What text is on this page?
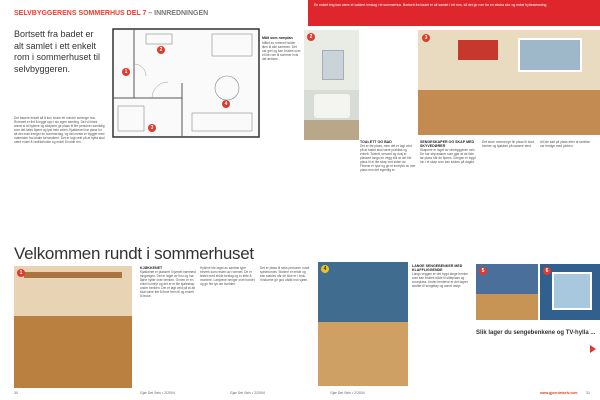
SELVBYGGERENS SOMMERHUS DEL 7 – INNREDNINGEN
En enkelt ting kan være et vakkert innslag i et sommerhus. Bortsett fra badet er alt samlet i ett rom, så det gir rom for en ekstra stor og enkel hyttestemning.
Bortsett fra badet er alt samlet i ett enkelt rom i sommerhuset til selvbyggeren.
Det basere enkelt så å kun bruke ett mindre avhenge hus. Rommet er fint å legge opp i sin egen samling. Det vil blant annet si at hyllene og skapene gir plass til fire personer samtidig som det føles åpent og lyst hele veien. Kjøkkenet har plass for alt det man trenger en sommerdag, og det meste er bygget med materialer fra lokale forhandlere. Det er lagt vekt på at hytta skal være enkel å vedlikeholde og enkel å holde ren.
1
2
3
4
Målt som romplan
Målet av rommet holder liten til alle sammen. Det var grei og kan brukes som et lite rom til sommer hvis det ønskes.
2
TOALETT OG BAD
Det er lite plass, men det er lagt vekt på at badet skal være praktisk og enkelt. Toalett, servant og dusj er plassert langs en vegg slik at det blir plass til et lite skap ved siden av. Flisene er lyse og gir et inntrykk av mer plass enn det egentlig er.
3
SENGESKAPER OG SKAP MED SKYVEDØRER
Skapene er laget av selvbyggeren selv. De har skyvedører som gjør at de ikke tar plass når de åpnes. Sengen er bygd inn i et skap som kan lukkes på dagtid.
Det store rommet gir fin plass til bord, benker og kjøkken på samme sted.
Alt ble satt på plass etter at familien var ferdige med jobben.
Velkommen rundt i sommerhuset
1
KJØKKENET
Kjøkkenet er plassert i hjørnet nærmest inngangen. Det er laget av furu og har åpne hyller over benken. Ovnen er en enkel komfyr og det er et lite kjøleskap under benken. Det er lagt vekt på at alt skal være lett å finne frem til og enkelt å bruke.
Hyllene ble laget av samme type treverk som resten av rommet. De er festet med enkle beslag og er lette å montere. Lampene henger over bordet og gir fint lys om kvelden.
Det er plass til seks personer rundt spisebordet. Stolene er enkle og kan stables når de ikke er i bruk. Vinduene gir god utsikt mot sjøen.
4	LANGE SENGEBENKER MED KLAFFLIGGENDE
Langs veggen er det bygd lange benker som kan brukes både til sitteplass og soveplass. Under benkene er det lagret skuffer til sengetøy og annet utstyr.
5	6
Slik lager du sengebenkene og TV-hylla ...
30	Gjør Det Selv • 2/2004	Gjør Det Selv • 2/2004	Gjør Det Selv • 2/2004	www.gjoerdetselv.com 31
